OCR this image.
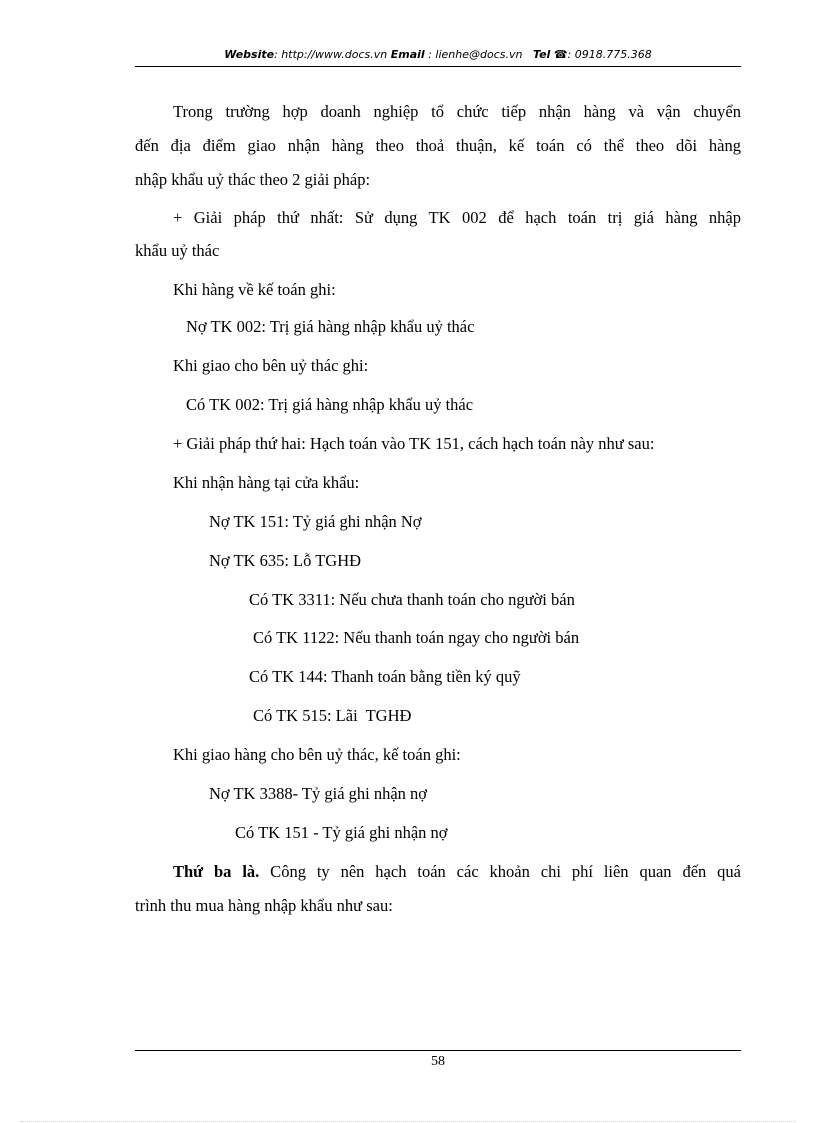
Website: http://www.docs.vn Email : lienhe@docs.vn Tel ☎: 0918.775.368
Trong trường hợp doanh nghiệp tổ chức tiếp nhận hàng và vận chuyển
đến địa điểm giao nhận hàng theo thoả thuận, kế toán có thể theo dõi hàng
nhập khẩu uỷ thác theo 2 giải pháp:
+ Giải pháp thứ nhất: Sử dụng TK 002 để hạch toán trị giá hàng nhập
khẩu uỷ thác
Khi hàng về kế toán ghi:
Nợ TK 002: Trị giá hàng nhập khẩu uỷ thác
Khi giao cho bên uỷ thác ghi:
Có TK 002: Trị giá hàng nhập khẩu uỷ thác
+ Giải pháp thứ hai: Hạch toán vào TK 151, cách hạch toán này như sau:
Khi nhận hàng tại cửa khẩu:
Nợ TK 151: Tỷ giá ghi nhận Nợ
Nợ TK 635: Lỗ TGHĐ
Có TK 3311: Nếu chưa thanh toán cho người bán
Có TK 1122: Nếu thanh toán ngay cho người bán
Có TK 144: Thanh toán bằng tiền ký quỹ
Có TK 515: Lãi  TGHĐ
Khi giao hàng cho bên uỷ thác, kế toán ghi:
Nợ TK 3388- Tỷ giá ghi nhận nợ
Có TK 151 - Tỷ giá ghi nhận nợ
Thứ ba là. Công ty nên hạch toán các khoản chi phí liên quan đến quá
trình thu mua hàng nhập khẩu như sau:
58
